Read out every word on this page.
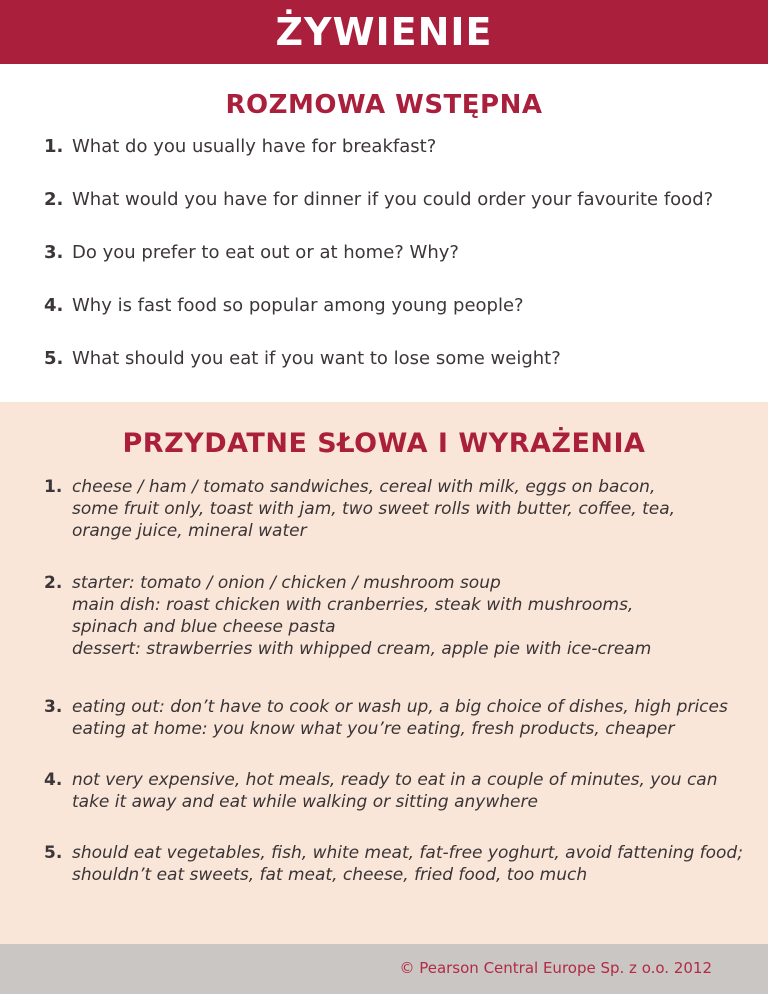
ŻYWIENIE
ROZMOWA WSTĘPNA
1. What do you usually have for breakfast?
2. What would you have for dinner if you could order your favourite food?
3. Do you prefer to eat out or at home? Why?
4. Why is fast food so popular among young people?
5. What should you eat if you want to lose some weight?
PRZYDATNE SŁOWA I WYRAŻENIA
1. cheese / ham / tomato sandwiches, cereal with milk, eggs on bacon,
some fruit only, toast with jam, two sweet rolls with butter, coffee, tea,
orange juice, mineral water
2. starter: tomato / onion / chicken / mushroom soup
main dish: roast chicken with cranberries, steak with mushrooms,
spinach and blue cheese pasta
dessert: strawberries with whipped cream, apple pie with ice-cream
3. eating out: don’t have to cook or wash up, a big choice of dishes, high prices
eating at home: you know what you’re eating, fresh products, cheaper
4. not very expensive, hot meals, ready to eat in a couple of minutes, you can
take it away and eat while walking or sitting anywhere
5. should eat vegetables, fish, white meat, fat-free yoghurt, avoid fattening food;
shouldn’t eat sweets, fat meat, cheese, fried food, too much
© Pearson Central Europe Sp. z o.o. 2012
